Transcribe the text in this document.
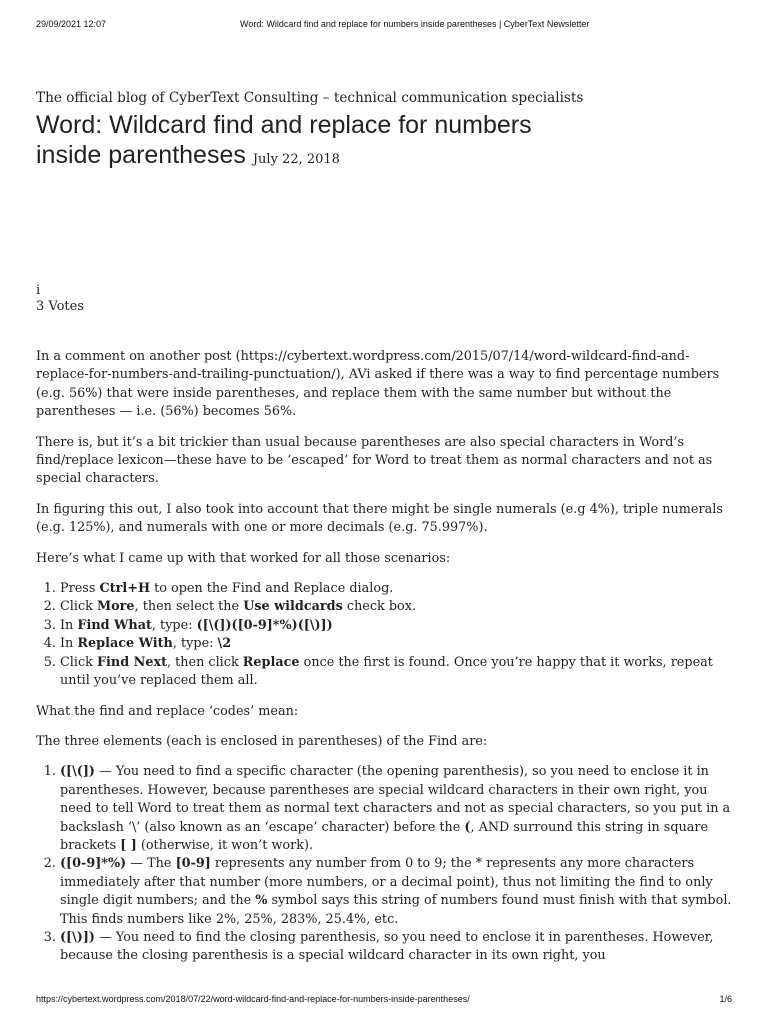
29/09/2021 12:07	Word: Wildcard find and replace for numbers inside parentheses | CyberText Newsletter

The official blog of CyberText Consulting – technical communication specialists

Word: Wildcard find and replace for numbers inside parentheses July 22, 2018
i
3 Votes

In a comment on another post (https://cybertext.wordpress.com/2015/07/14/word-wildcard-find-and-replace-for-numbers-and-trailing-punctuation/), AVi asked if there was a way to find percentage numbers (e.g. 56%) that were inside parentheses, and replace them with the same number but without the parentheses — i.e. (56%) becomes 56%.

There is, but it’s a bit trickier than usual because parentheses are also special characters in Word’s find/replace lexicon—these have to be ‘escaped’ for Word to treat them as normal characters and not as special characters.

In figuring this out, I also took into account that there might be single numerals (e.g 4%), triple numerals (e.g. 125%), and numerals with one or more decimals (e.g. 75.997%).

Here’s what I came up with that worked for all those scenarios:

1. Press Ctrl+H to open the Find and Replace dialog.
2. Click More, then select the Use wildcards check box.
3. In Find What, type: ([\(])([0-9]*%)([\)])
4. In Replace With, type: \2
5. Click Find Next, then click Replace once the first is found. Once you’re happy that it works, repeat until you’ve replaced them all.

What the find and replace ‘codes’ mean:

The three elements (each is enclosed in parentheses) of the Find are:

1. ([\(]) — You need to find a specific character (the opening parenthesis), so you need to enclose it in parentheses. However, because parentheses are special wildcard characters in their own right, you need to tell Word to treat them as normal text characters and not as special characters, so you put in a backslash ‘\’ (also known as an ‘escape’ character) before the (, AND surround this string in square brackets [ ] (otherwise, it won’t work).
2. ([0-9]*%) — The [0-9] represents any number from 0 to 9; the * represents any more characters immediately after that number (more numbers, or a decimal point), thus not limiting the find to only single digit numbers; and the % symbol says this string of numbers found must finish with that symbol. This finds numbers like 2%, 25%, 283%, 25.4%, etc.
3. ([\)]) — You need to find the closing parenthesis, so you need to enclose it in parentheses. However, because the closing parenthesis is a special wildcard character in its own right, you
https://cybertext.wordpress.com/2018/07/22/word-wildcard-find-and-replace-for-numbers-inside-parentheses/	1/6
